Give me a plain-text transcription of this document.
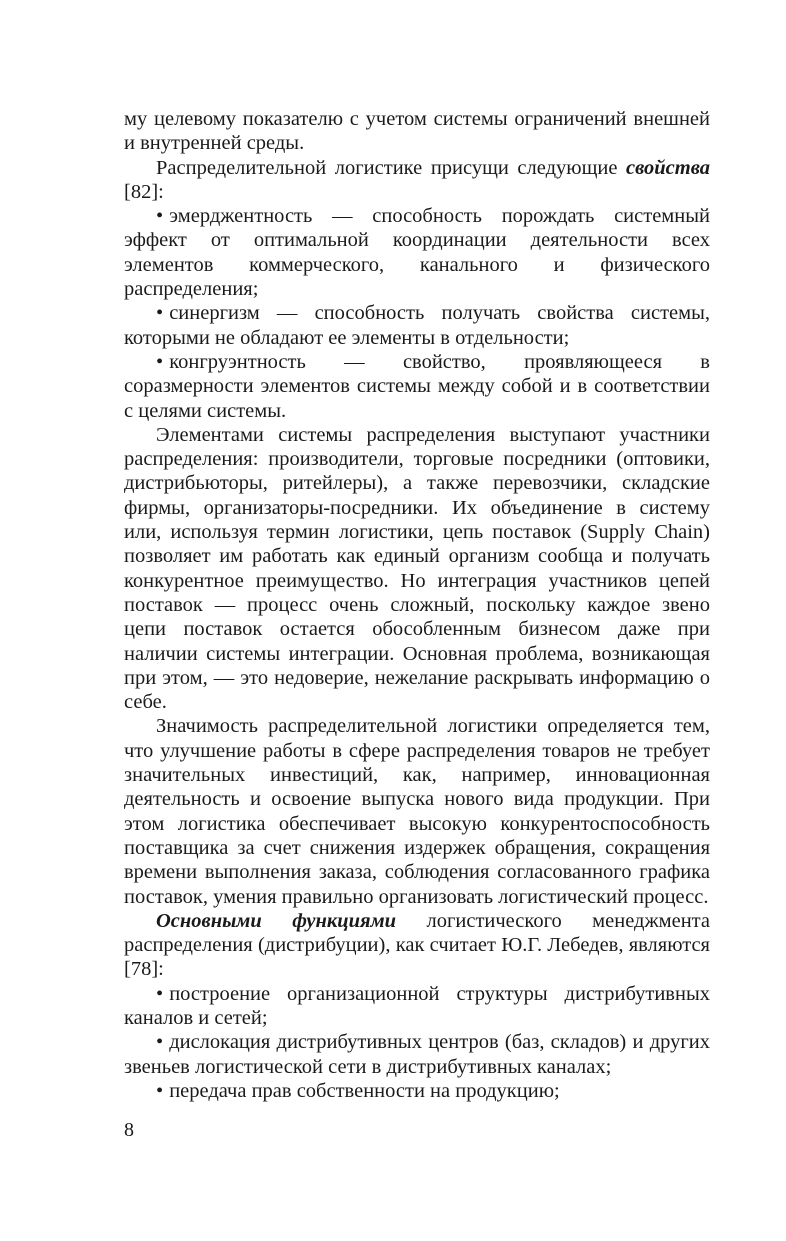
му целевому показателю с учетом системы ограничений внешней и внутренней среды.

Распределительной логистике присущи следующие свойства [82]:

• эмерджентность — способность порождать системный эффект от оптимальной координации деятельности всех элементов коммерческого, канального и физического распределения;

• синергизм — способность получать свойства системы, которыми не обладают ее элементы в отдельности;

• конгруэнтность — свойство, проявляющееся в соразмерности элементов системы между собой и в соответствии с целями системы.

Элементами системы распределения выступают участники распределения: производители, торговые посредники (оптовики, дистрибьюторы, ритейлеры), а также перевозчики, складские фирмы, организаторы-посредники. Их объединение в систему или, используя термин логистики, цепь поставок (Supply Chain) позволяет им работать как единый организм сообща и получать конкурентное преимущество. Но интеграция участников цепей поставок — процесс очень сложный, поскольку каждое звено цепи поставок остается обособленным бизнесом даже при наличии системы интеграции. Основная проблема, возникающая при этом, — это недоверие, нежелание раскрывать информацию о себе.

Значимость распределительной логистики определяется тем, что улучшение работы в сфере распределения товаров не требует значительных инвестиций, как, например, инновационная деятельность и освоение выпуска нового вида продукции. При этом логистика обеспечивает высокую конкурентоспособность поставщика за счет снижения издержек обращения, сокращения времени выполнения заказа, соблюдения согласованного графика поставок, умения правильно организовать логистический процесс.

Основными функциями логистического менеджмента распределения (дистрибуции), как считает Ю.Г. Лебедев, являются [78]:

• построение организационной структуры дистрибутивных каналов и сетей;

• дислокация дистрибутивных центров (баз, складов) и других звеньев логистической сети в дистрибутивных каналах;

• передача прав собственности на продукцию;

8
